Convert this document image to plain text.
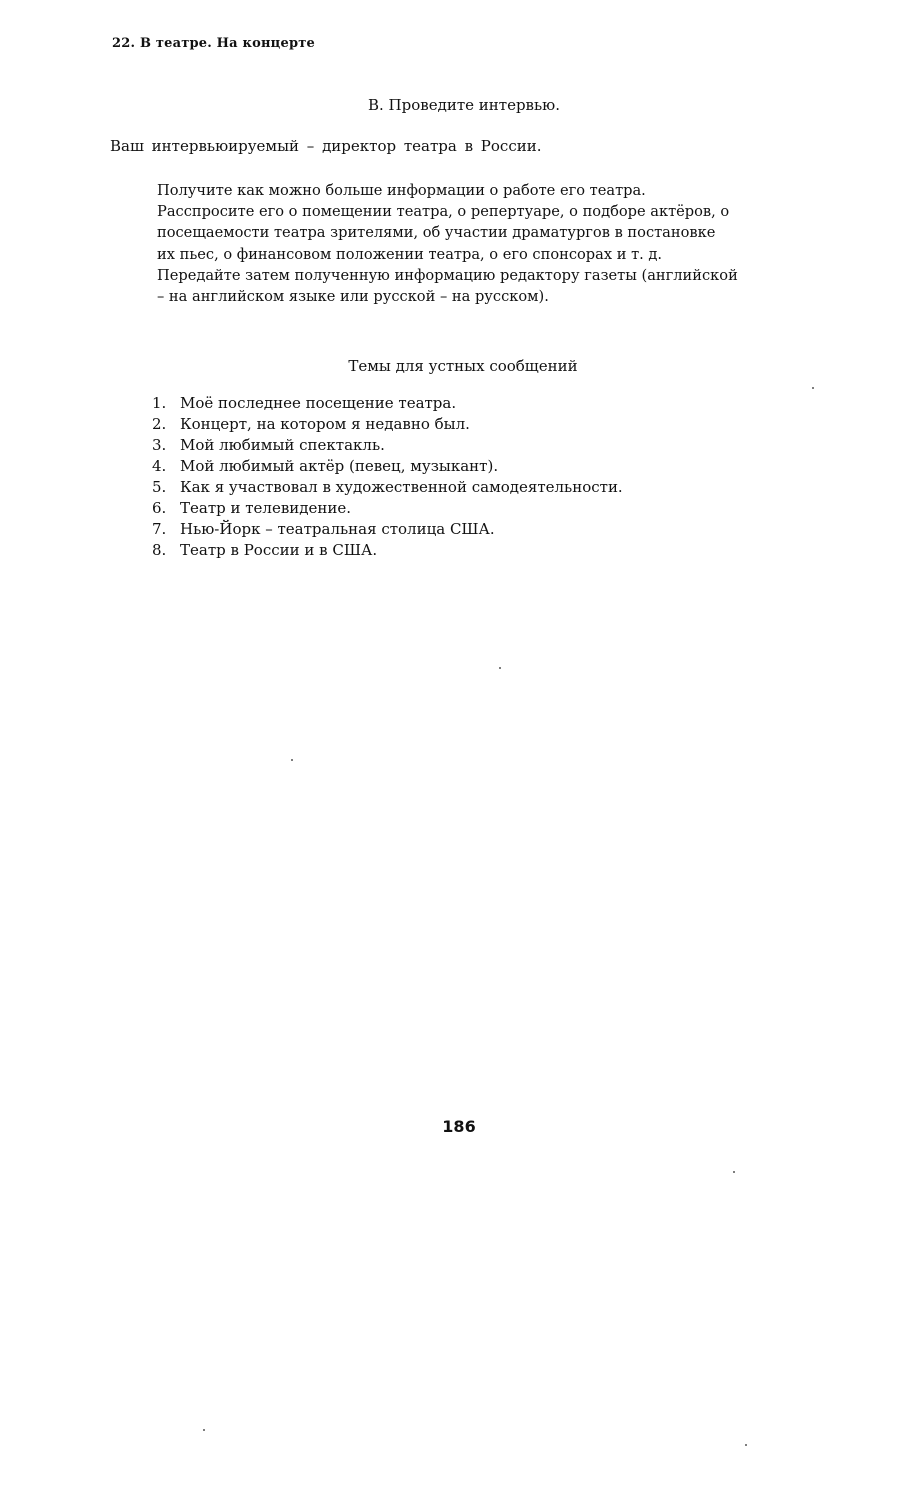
22. В театре. На концерте
B. Проведите интервью.
Ваш интервьюируемый – директор театра в России.
Получите как можно больше информации о работе его театра.
Расспросите его о помещении театра, о репертуаре, о подборе актёров, о
посещаемости театра зрителями, об участии драматургов в постановке
их пьес, о финансовом положении театра, о его спонсорах и т. д.
Передайте затем полученную информацию редактору газеты (английской
– на английском языке или русской – на русском).
Темы для устных сообщений
1. Моё последнее посещение театра.
2. Концерт, на котором я недавно был.
3. Мой любимый спектакль.
4. Мой любимый актёр (певец, музыкант).
5. Как я участвовал в художественной самодеятельности.
6. Театр и телевидение.
7. Нью-Йорк – театральная столица США.
8. Театр в России и в США.
186
